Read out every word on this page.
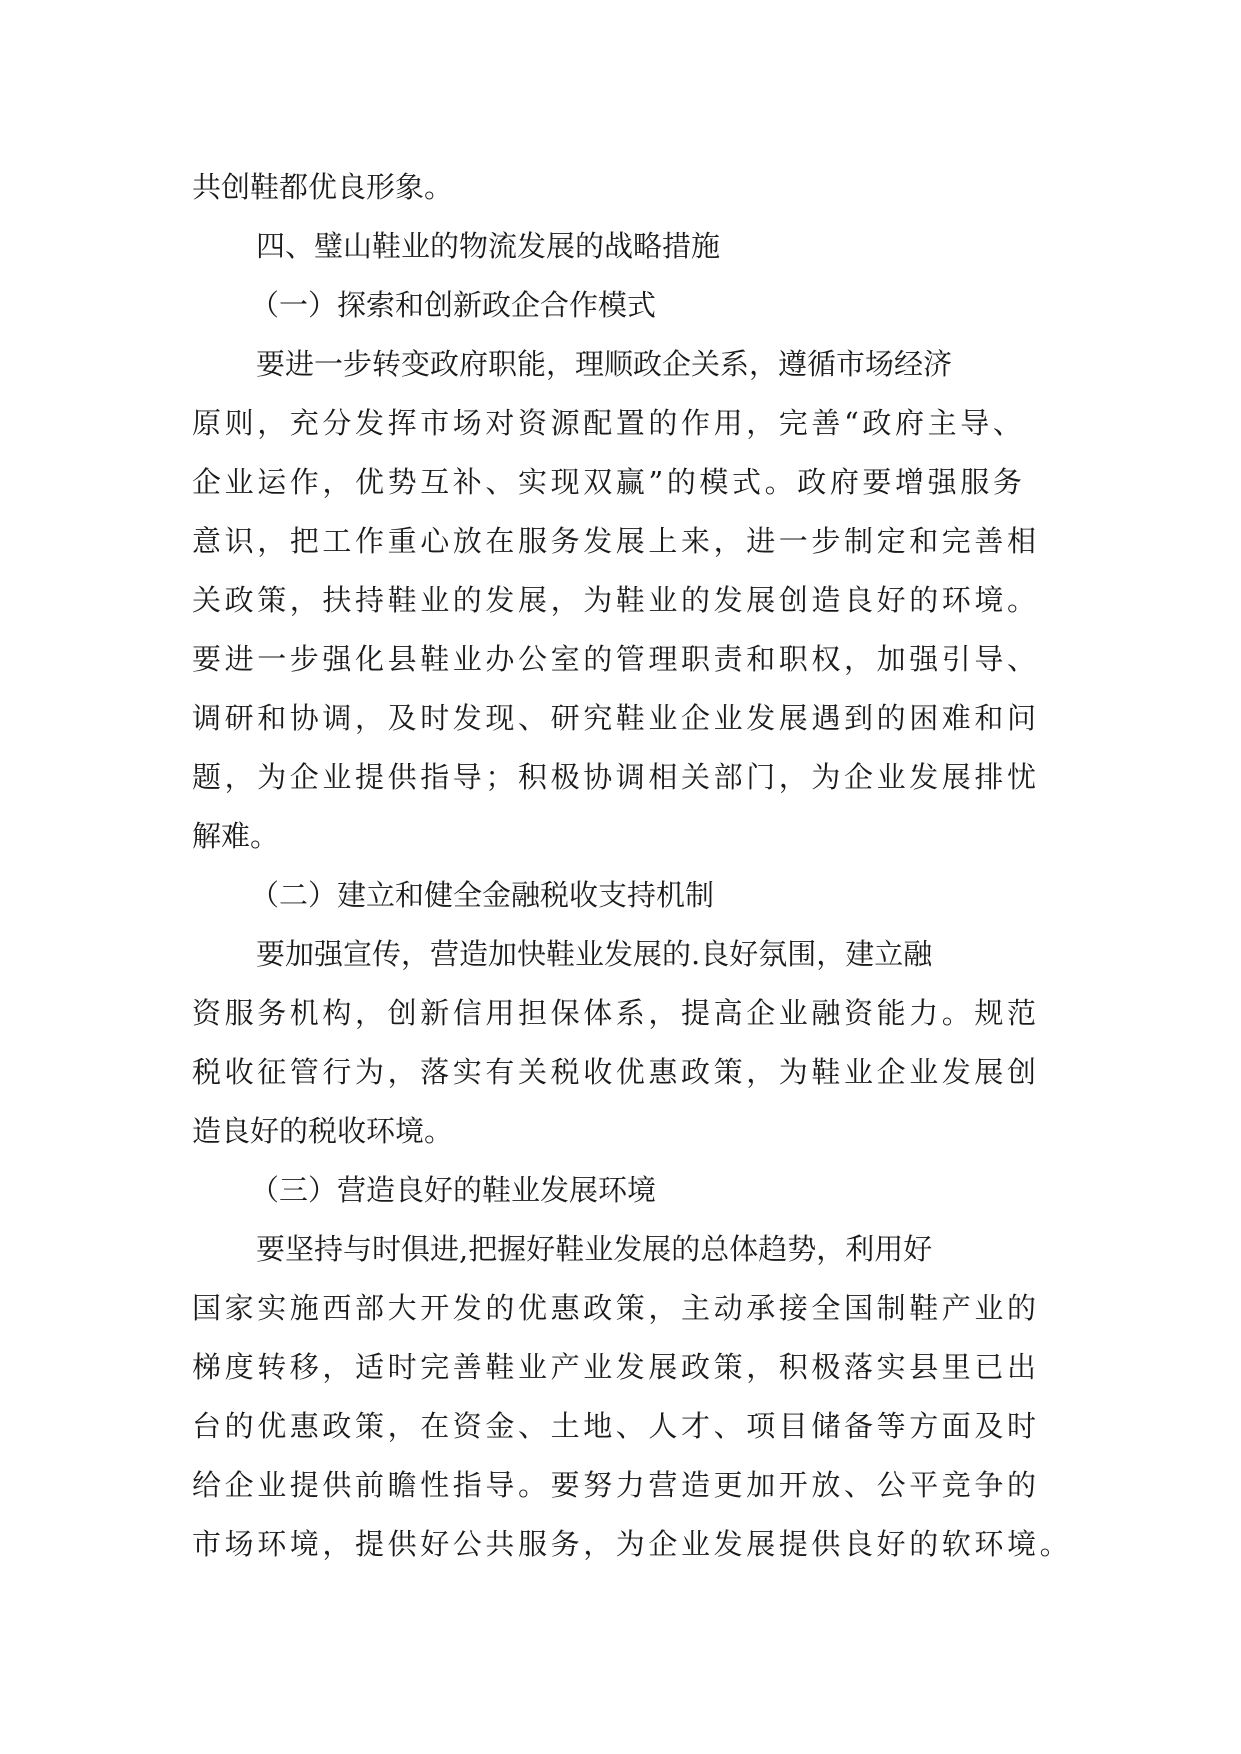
共创鞋都优良形象。

四、璧山鞋业的物流发展的战略措施

（一）探索和创新政企合作模式

要进一步转变政府职能，理顺政企关系，遵循市场经济

原则，充分发挥市场对资源配置的作用，完善“政府主导、

企业运作，优势互补、实现双赢”的模式。政府要增强服务

意识，把工作重心放在服务发展上来，进一步制定和完善相

关政策，扶持鞋业的发展，为鞋业的发展创造良好的环境。

要进一步强化县鞋业办公室的管理职责和职权，加强引导、

调研和协调，及时发现、研究鞋业企业发展遇到的困难和问

题，为企业提供指导；积极协调相关部门，为企业发展排忧

解难。

（二）建立和健全金融税收支持机制

要加强宣传，营造加快鞋业发展的.良好氛围，建立融

资服务机构，创新信用担保体系，提高企业融资能力。规范

税收征管行为，落实有关税收优惠政策，为鞋业企业发展创

造良好的税收环境。

（三）营造良好的鞋业发展环境

要坚持与时俱进,把握好鞋业发展的总体趋势，利用好

国家实施西部大开发的优惠政策，主动承接全国制鞋产业的

梯度转移，适时完善鞋业产业发展政策，积极落实县里已出

台的优惠政策，在资金、土地、人才、项目储备等方面及时

给企业提供前瞻性指导。要努力营造更加开放、公平竞争的

市场环境，提供好公共服务，为企业发展提供良好的软环境。
